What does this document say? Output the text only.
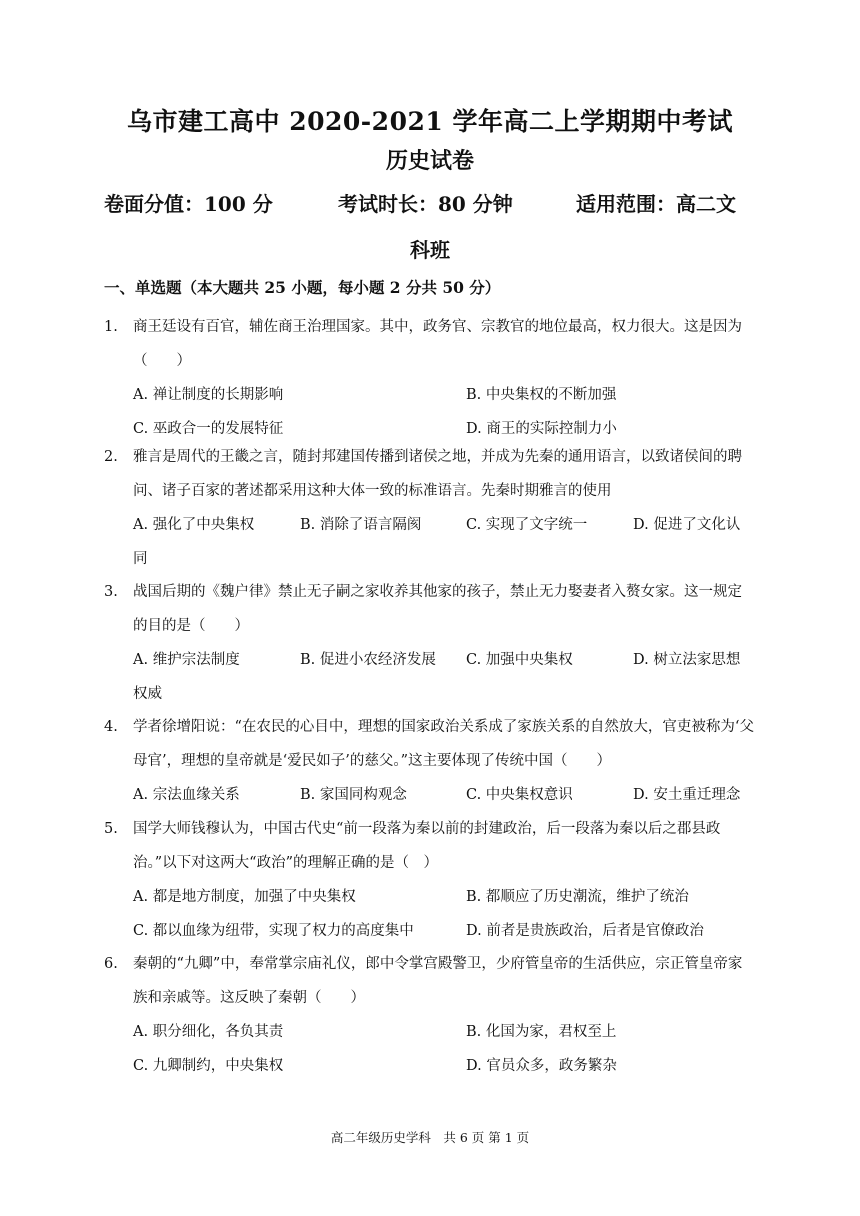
乌市建工高中 2020-2021 学年高二上学期期中考试
历史试卷
卷面分值：100 分	考试时长：80 分钟	适用范围：高二文
科班
一、单选题（本大题共 25 小题，每小题 2 分共 50 分）
1. 商王廷设有百官，辅佐商王治理国家。其中，政务官、宗教官的地位最高，权力很大。这是因为（　　）
A. 禅让制度的长期影响	B. 中央集权的不断加强
C. 巫政合一的发展特征	D. 商王的实际控制力小
2. 雅言是周代的王畿之言，随封邦建国传播到诸侯之地，并成为先秦的通用语言，以致诸侯间的聘问、诸子百家的著述都采用这种大体一致的标准语言。先秦时期雅言的使用
A. 强化了中央集权	B. 消除了语言隔阂	C. 实现了文字统一	D. 促进了文化认
同
3. 战国后期的《魏户律》禁止无子嗣之家收养其他家的孩子，禁止无力娶妻者入赘女家。这一规定的目的是（　　）
A. 维护宗法制度	B. 促进小农经济发展 C. 加强中央集权	D. 树立法家思想
权威
4. 学者徐增阳说：“在农民的心目中，理想的国家政治关系成了家族关系的自然放大，官吏被称为‘父母官’，理想的皇帝就是‘爱民如子’的慈父。”这主要体现了传统中国（　　）
A. 宗法血缘关系	B. 家国同构观念	C. 中央集权意识	D. 安土重迁理念
5. 国学大师钱穆认为，中国古代史“前一段落为秦以前的封建政治，后一段落为秦以后之郡县政治。”以下对这两大“政治”的理解正确的是（　）
A. 都是地方制度，加强了中央集权	B. 都顺应了历史潮流，维护了统治
C. 都以血缘为纽带，实现了权力的高度集中	D. 前者是贵族政治，后者是官僚政治
6. 秦朝的“九卿”中，奉常掌宗庙礼仪，郎中令掌宫殿警卫，少府管皇帝的生活供应，宗正管皇帝家族和亲戚等。这反映了秦朝（　　）
A. 职分细化，各负其责	B. 化国为家，君权至上
C. 九卿制约，中央集权	D. 官员众多，政务繁杂
高二年级历史学科　共 6 页 第 1 页
